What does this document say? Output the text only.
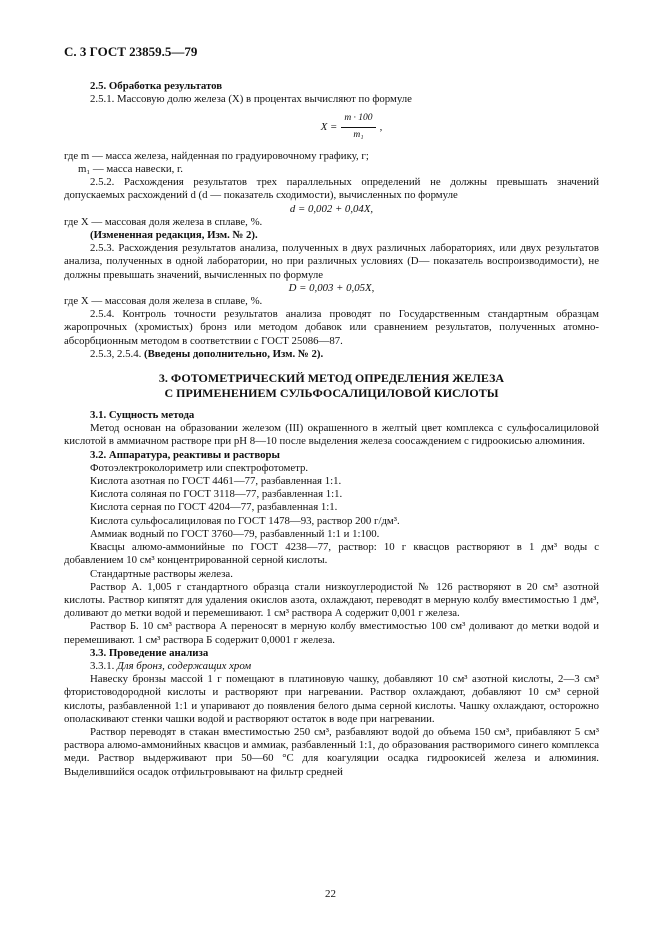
С. 3 ГОСТ 23859.5—79

2.5. Обработка результатов

2.5.1. Массовую долю железа (X) в процентах вычисляют по формуле

$X = \frac{m \cdot 100}{\text{m₁}}$ ,

где m — масса железа, найденная по градуировочному графику, г;

m₁ — масса навески, г.

2.5.2. Расхождения результатов трех параллельных определений не должны превышать значений допускаемых расхождений d (d — показатель сходимости), вычисленных по формуле

d = 0,002 + 0,04X,

где X — массовая доля железа в сплаве, %.

(Измененная редакция, Изм. № 2).

2.5.3. Расхождения результатов анализа, полученных в двух различных лабораториях, или двух результатов анализа, полученных в одной лаборатории, но при различных условиях (D— показатель воспроизводимости), не должны превышать значений, вычисленных по формуле

D = 0,003 + 0,05X,

где X — массовая доля железа в сплаве, %.

2.5.4. Контроль точности результатов анализа проводят по Государственным стандартным образцам жаропрочных (хромистых) бронз или методом добавок или сравнением результатов, полученных атомно-абсорбционным методом в соответствии с ГОСТ 25086—87.

2.5.3, 2.5.4. (Введены дополнительно, Изм. № 2).

3. ФОТОМЕТРИЧЕСКИЙ МЕТОД ОПРЕДЕЛЕНИЯ ЖЕЛЕЗА
С ПРИМЕНЕНИЕМ СУЛЬФОСАЛИЦИЛОВОЙ КИСЛОТЫ

3.1. Сущность метода

Метод основан на образовании железом (III) окрашенного в желтый цвет комплекса с сульфосалициловой кислотой в аммиачном растворе при pH 8—10 после выделения железа соосаждением с гидроокисью алюминия.

3.2. Аппаратура, реактивы и растворы

Фотоэлектроколориметр или спектрофотометр.

Кислота азотная по ГОСТ 4461—77, разбавленная 1:1.

Кислота соляная по ГОСТ 3118—77, разбавленная 1:1.

Кислота серная по ГОСТ 4204—77, разбавленная 1:1.

Кислота сульфосалициловая по ГОСТ 1478—93, раствор 200 г/дм³.

Аммиак водный по ГОСТ 3760—79, разбавленный 1:1 и 1:100.

Квасцы алюмо-аммонийные по ГОСТ 4238—77, раствор: 10 г квасцов растворяют в 1 дм³ воды с добавлением 10 см³ концентрированной серной кислоты.

Стандартные растворы железа.

Раствор А. 1,005 г стандартного образца стали низкоуглеродистой № 126 растворяют в 20 см³ азотной кислоты. Раствор кипятят для удаления окислов азота, охлаждают, переводят в мерную колбу вместимостью 1 дм³, доливают до метки водой и перемешивают. 1 см³ раствора А содержит 0,001 г железа.

Раствор Б. 10 см³ раствора А переносят в мерную колбу вместимостью 100 см³ доливают до метки водой и перемешивают. 1 см³ раствора Б содержит 0,0001 г железа.

3.3. Проведение анализа

3.3.1. Для бронз, содержащих хром

Навеску бронзы массой 1 г помещают в платиновую чашку, добавляют 10 см³ азотной кислоты, 2—3 см³ фтористоводородной кислоты и растворяют при нагревании. Раствор охлаждают, добавляют 10 см³ серной кислоты, разбавленной 1:1 и упаривают до появления белого дыма серной кислоты. Чашку охлаждают, осторожно ополаскивают стенки чашки водой и растворяют остаток в воде при нагревании.

Раствор переводят в стакан вместимостью 250 см³, разбавляют водой до объема 150 см³, прибавляют 5 см³ раствора алюмо-аммонийных квасцов и аммиак, разбавленный 1:1, до образования растворимого синего комплекса меди. Раствор выдерживают при 50—60 °С для коагуляции осадка гидроокисей железа и алюминия. Выделившийся осадок отфильтровывают на фильтр средней

22
